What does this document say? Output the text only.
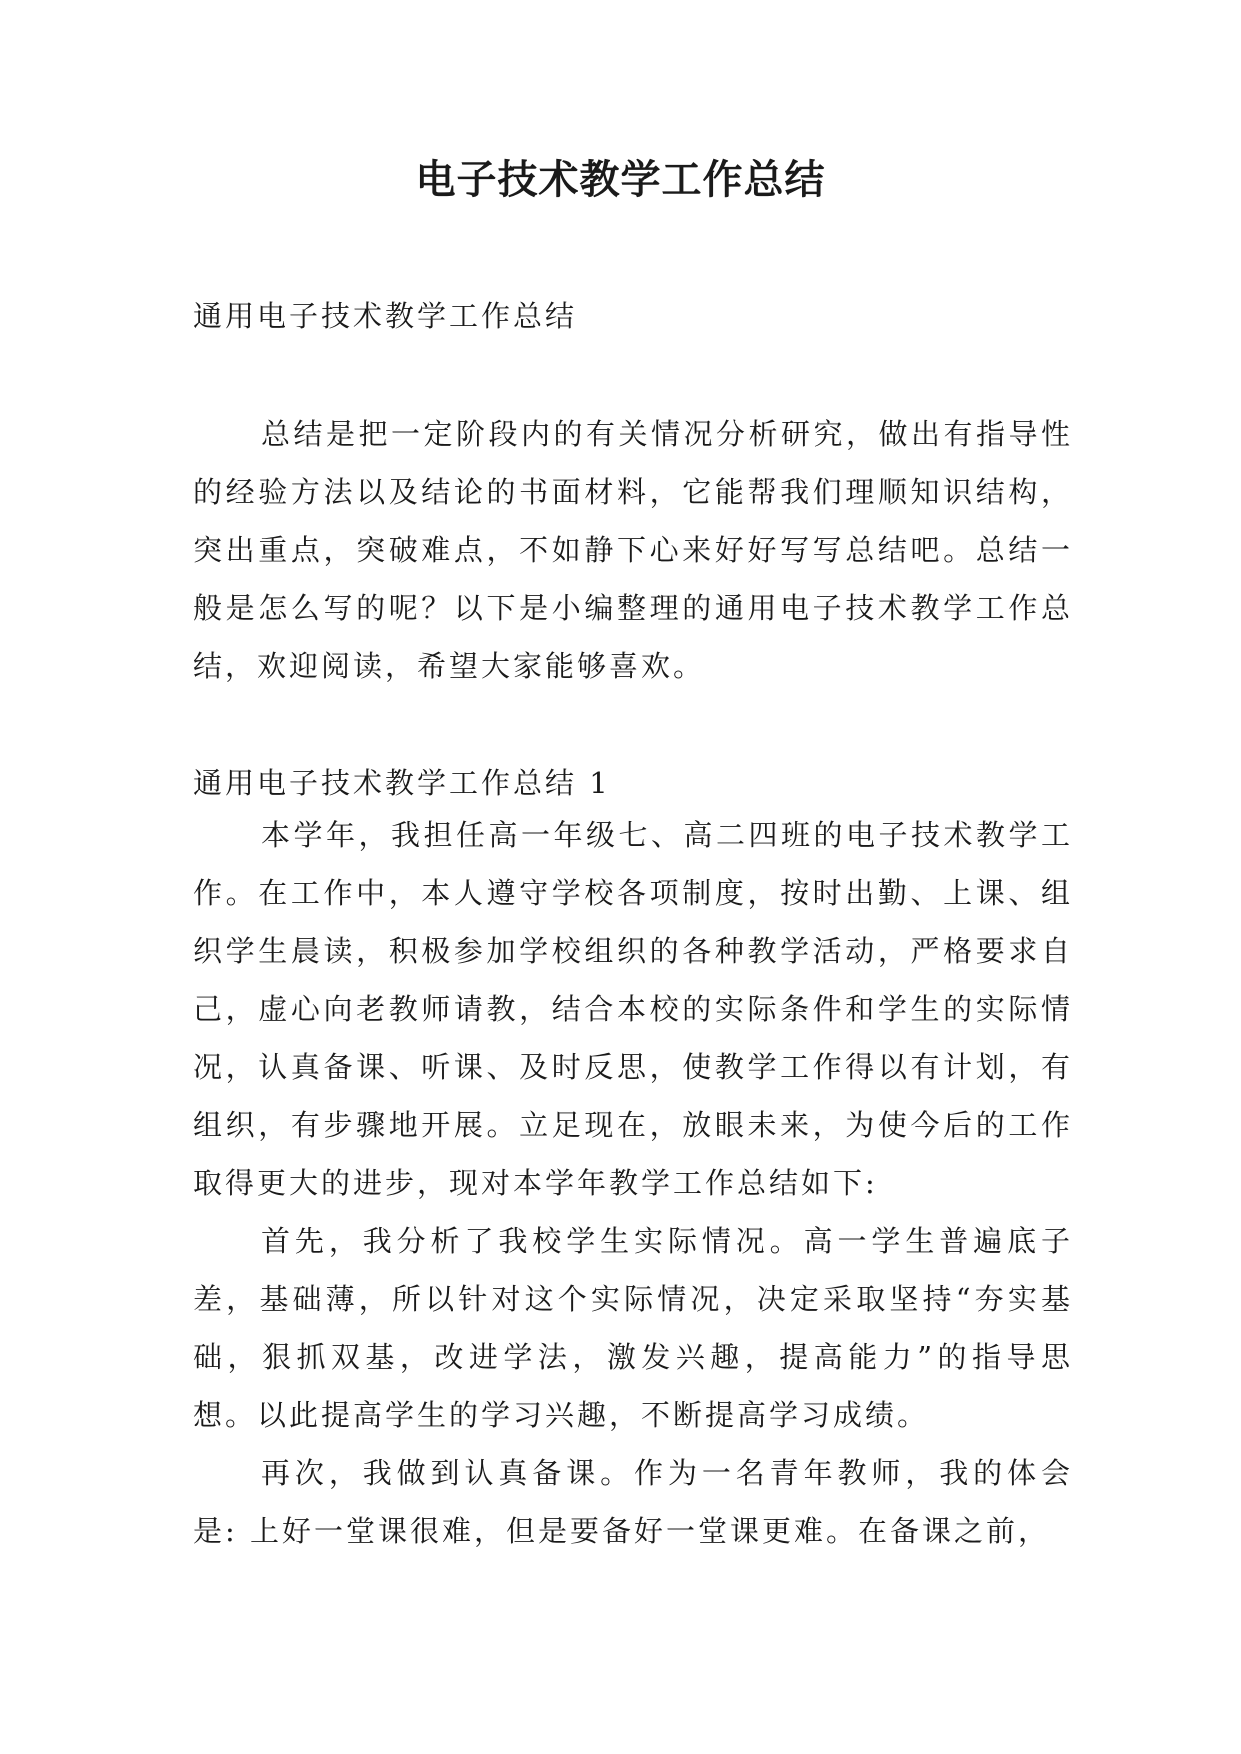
电子技术教学工作总结
通用电子技术教学工作总结

总结是把一定阶段内的有关情况分析研究，做出有指导性的经验方法以及结论的书面材料，它能帮我们理顺知识结构，突出重点，突破难点，不如静下心来好好写写总结吧。总结一般是怎么写的呢？以下是小编整理的通用电子技术教学工作总结，欢迎阅读，希望大家能够喜欢。

通用电子技术教学工作总结 1

本学年，我担任高一年级七、高二四班的电子技术教学工作。在工作中，本人遵守学校各项制度，按时出勤、上课、组织学生晨读，积极参加学校组织的各种教学活动，严格要求自己，虚心向老教师请教，结合本校的实际条件和学生的实际情况，认真备课、听课、及时反思，使教学工作得以有计划，有组织，有步骤地开展。立足现在，放眼未来，为使今后的工作取得更大的进步，现对本学年教学工作总结如下:

首先，我分析了我校学生实际情况。高一学生普遍底子差，基础薄，所以针对这个实际情况，决定采取坚持“夯实基础，狠抓双基，改进学法，激发兴趣，提高能力”的指导思想。以此提高学生的学习兴趣，不断提高学习成绩。

再次，我做到认真备课。作为一名青年教师，我的体会是: 上好一堂课很难，但是要备好一堂课更难。在备课之前，
